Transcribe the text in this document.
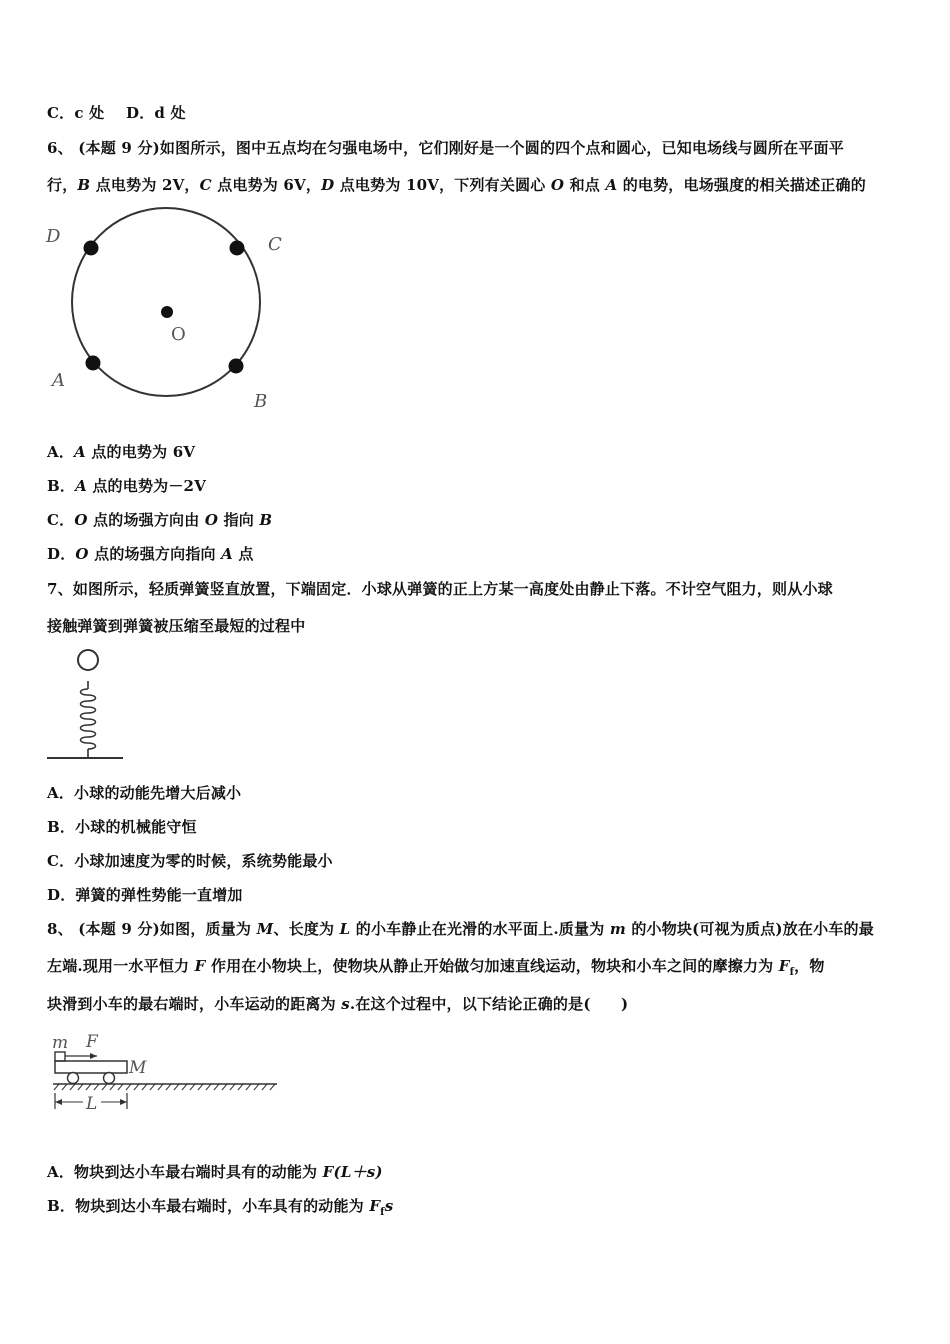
C．c 处 D．d 处
6、 (本题 9 分)如图所示，图中五点均在匀强电场中，它们刚好是一个圆的四个点和圆心，已知电场线与圆所在平面平
行，B 点电势为 2V，C 点电势为 6V，D 点电势为 10V，下列有关圆心 O 和点 A 的电势，电场强度的相关描述正确的
D	C
O
A
B
A．A 点的电势为 6V
B．A 点的电势为－2V
C．O 点的场强方向由 O 指向 B
D．O 点的场强方向指向 A 点
7、如图所示，轻质弹簧竖直放置，下端固定．小球从弹簧的正上方某一高度处由静止下落。不计空气阻力，则从小球
接触弹簧到弹簧被压缩至最短的过程中
A．小球的动能先增大后减小
B．小球的机械能守恒
C．小球加速度为零的时候，系统势能最小
D．弹簧的弹性势能一直增加
8、 (本题 9 分)如图，质量为 M、长度为 L 的小车静止在光滑的水平面上.质量为 m 的小物块(可视为质点)放在小车的最
左端.现用一水平恒力 F 作用在小物块上，使物块从静止开始做匀加速直线运动，物块和小车之间的摩擦力为 $F_f$，物
块滑到小车的最右端时，小车运动的距离为 s.在这个过程中，以下结论正确的是(　　)
m F
M
L
A．物块到达小车最右端时具有的动能为 F(L＋s)
B．物块到达小车最右端时，小车具有的动能为 $F_fs$
